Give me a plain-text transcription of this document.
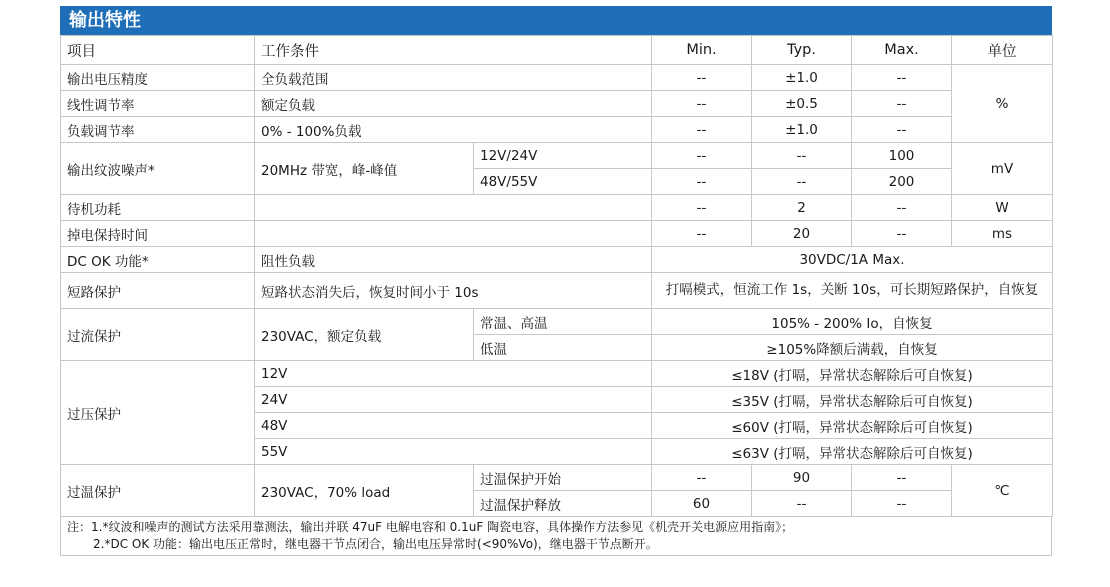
输出特性
项目	工作条件		Min.	Typ.	Max.	单位
输出电压精度	全负载范围		--	±1.0	--	%
线性调节率	额定负载		--	±0.5	--	
负载调节率	0% - 100%负载		--	±1.0	--	
输出纹波噪声*	20MHz 带宽，峰-峰值	12V/24V	--	--	100	mV
		48V/55V	--	--	200	
待机功耗			--	2	--	W
掉电保持时间			--	20	--	ms
DC OK 功能*	阻性负载		30VDC/1A Max.			
短路保护	短路状态消失后，恢复时间小于 10s		打嗝模式，恒流工作 1s，关断 10s，可长期短路保护，自恢复			
过流保护	230VAC，额定负载	常温、高温	105% - 200% Io，自恢复			
		低温	≥105%降额后满载，自恢复			
过压保护	12V		≤18V (打嗝，异常状态解除后可自恢复)			
	24V		≤35V (打嗝，异常状态解除后可自恢复)			
	48V		≤60V (打嗝，异常状态解除后可自恢复)			
	55V		≤63V (打嗝，异常状态解除后可自恢复)			
过温保护	230VAC，70% load	过温保护开始	--	90	--	℃
		过温保护释放	60	--	--	
注：1.*纹波和噪声的测试方法采用靠测法，输出并联 47uF 电解电容和 0.1uF 陶瓷电容，具体操作方法参见《机壳开关电源应用指南》；
2.*DC OK 功能：输出电压正常时，继电器干节点闭合，输出电压异常时(<90%Vo)，继电器干节点断开。
